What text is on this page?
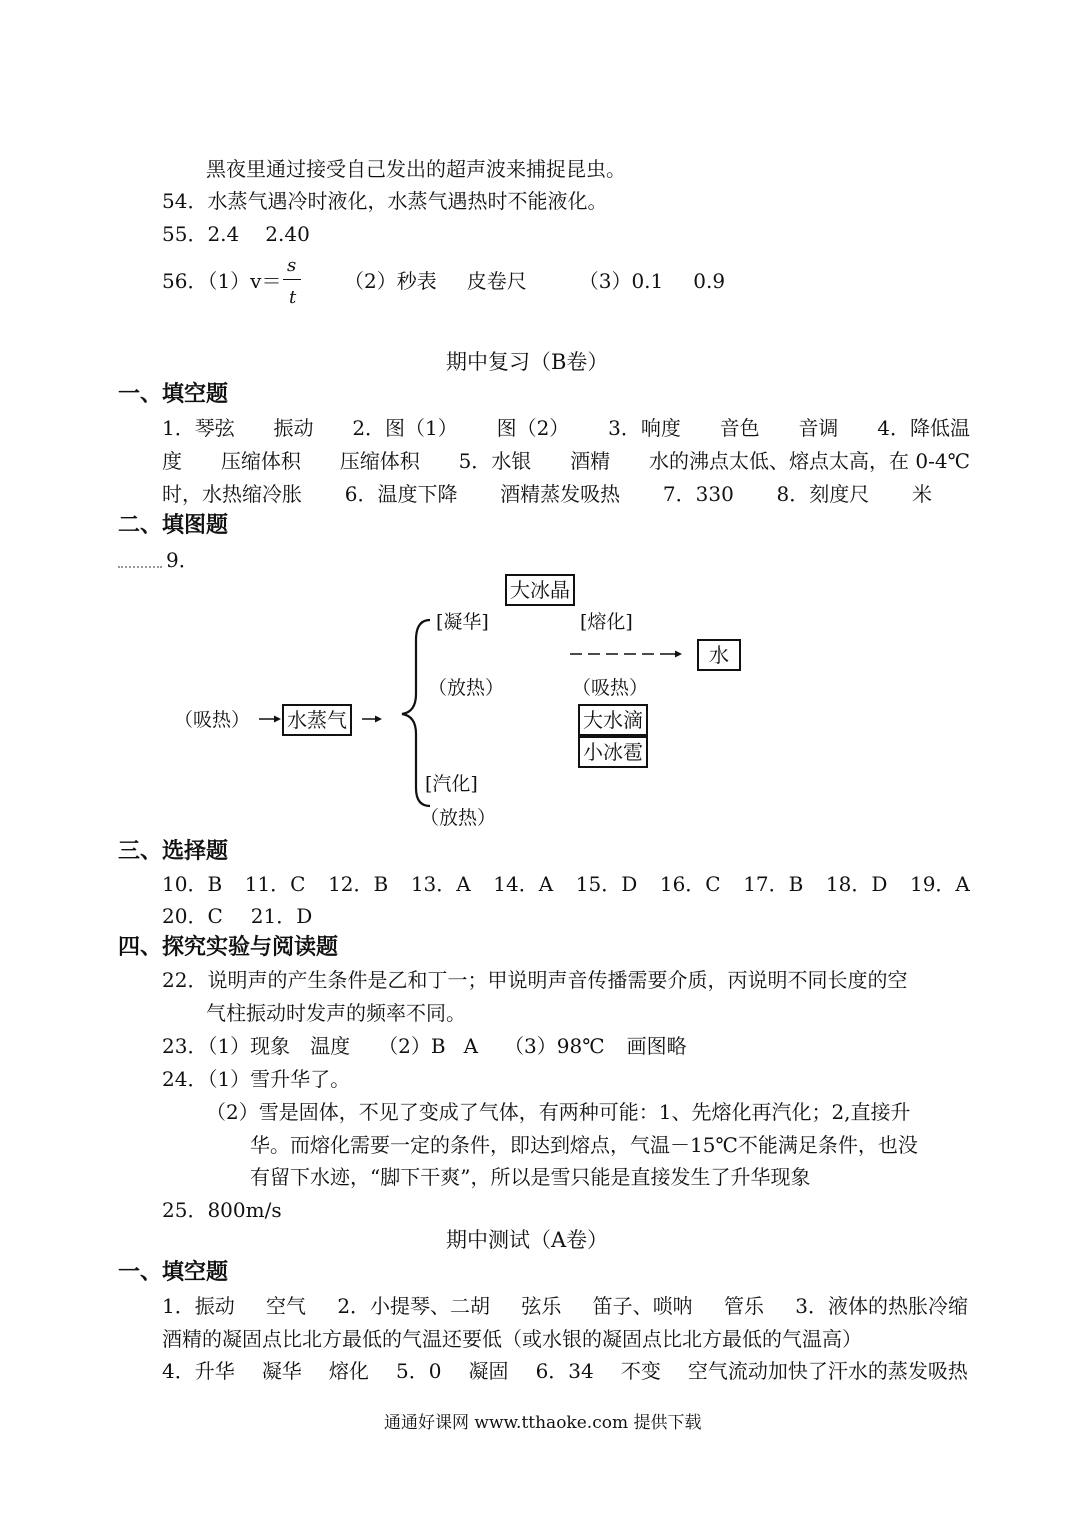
黑夜里通过接受自己发出的超声波来捕捉昆虫。
54．水蒸气遇冷时液化，水蒸气遇热时不能液化。
55．2.4 2.40
56．（1）v＝
s
t
（2）秒表 皮卷尺	（3）0.1 0.9
期中复习（B卷）
一、填空题
1．琴弦 振动 2．图（1） 图（2） 3．响度 音色 音调 4．降低温
度 压缩体积 压缩体积 5．水银 酒精 水的沸点太低、熔点太高，在 0-4℃
时，水热缩冷胀 6．温度下降 酒精蒸发吸热 7．330 8．刻度尺 米
二、填图题
9．
大冰晶
[凝华]	[熔化]
水
（放热）	（吸热）
（吸热） 水蒸气	大水滴
小冰雹
[汽化]
（放热）
三、选择题
10．B 11．C 12．B 13．A 14．A 15．D 16．C 17．B 18．D 19．A
20．C 21．D
四、探究实验与阅读题
22．说明声的产生条件是乙和丁一；甲说明声音传播需要介质，丙说明不同长度的空
气柱振动时发声的频率不同。
23．（1）现象 温度 （2）B A （3）98℃ 画图略
24．（1）雪升华了。
（2）雪是固体，不见了变成了气体，有两种可能：1、先熔化再汽化；2,直接升
华。而熔化需要一定的条件，即达到熔点，气温－15℃不能满足条件，也没
有留下水迹，“脚下干爽”，所以是雪只能是直接发生了升华现象
25．800m/s
期中测试（A卷）
一、填空题
1．振动 空气 2．小提琴、二胡 弦乐 笛子、唢呐 管乐 3．液体的热胀冷缩
酒精的凝固点比北方最低的气温还要低（或水银的凝固点比北方最低的气温高）
4．升华 凝华 熔化 5．0 凝固 6．34 不变 空气流动加快了汗水的蒸发吸热
通通好课网 www.tthaoke.com 提供下载
